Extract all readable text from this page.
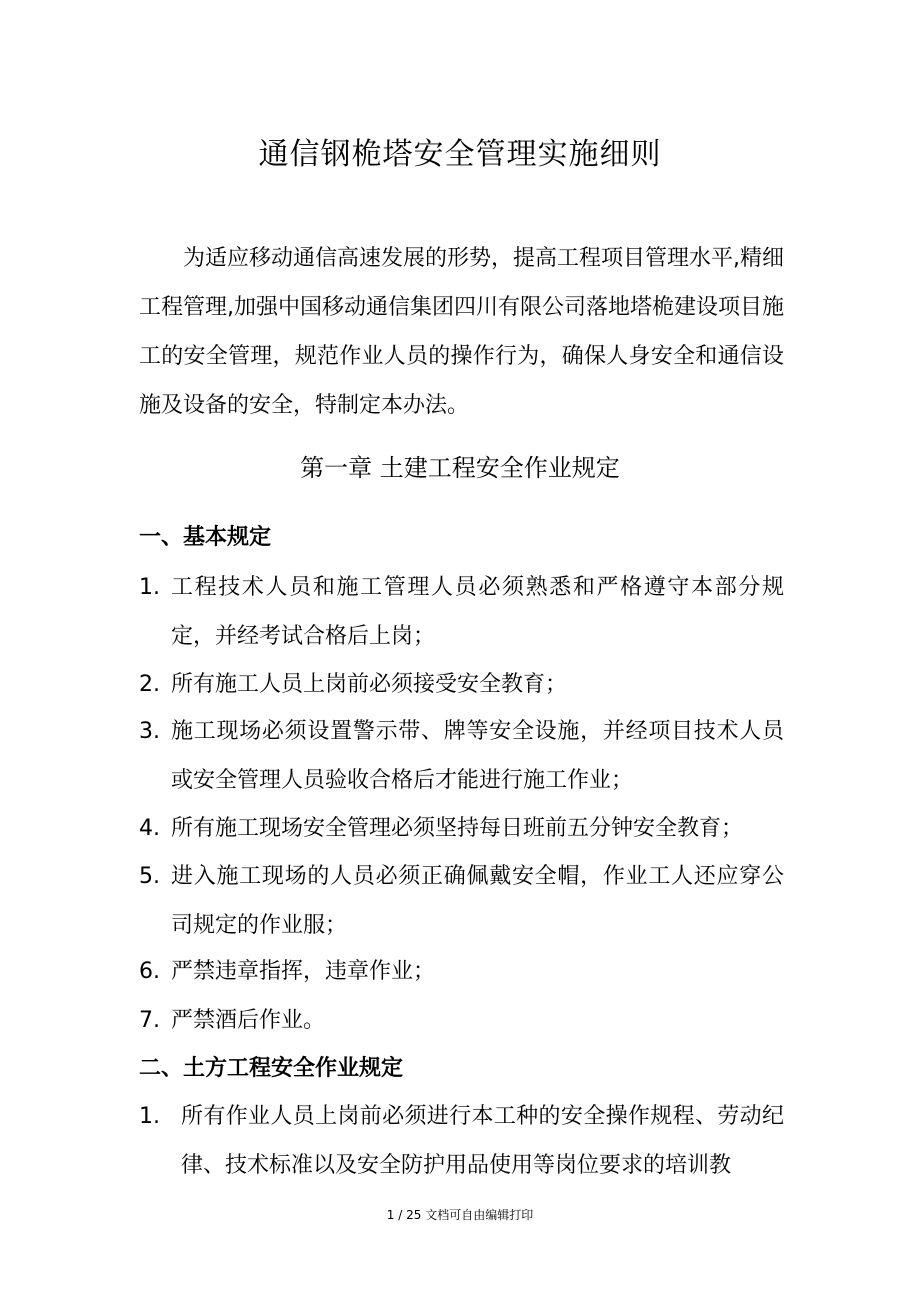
通信钢桅塔安全管理实施细则
为适应移动通信高速发展的形势，提高工程项目管理水平,精细工程管理,加强中国移动通信集团四川有限公司落地塔桅建设项目施工的安全管理，规范作业人员的操作行为，确保人身安全和通信设施及设备的安全，特制定本办法。
第一章 土建工程安全作业规定
一、基本规定
1. 工程技术人员和施工管理人员必须熟悉和严格遵守本部分规定，并经考试合格后上岗；
2. 所有施工人员上岗前必须接受安全教育；
3. 施工现场必须设置警示带、牌等安全设施，并经项目技术人员或安全管理人员验收合格后才能进行施工作业；
4. 所有施工现场安全管理必须坚持每日班前五分钟安全教育；
5. 进入施工现场的人员必须正确佩戴安全帽，作业工人还应穿公司规定的作业服；
6. 严禁违章指挥，违章作业；
7. 严禁酒后作业。
二、土方工程安全作业规定
1. 所有作业人员上岗前必须进行本工种的安全操作规程、劳动纪律、技术标准以及安全防护用品使用等岗位要求的培训教
1 / 25 文档可自由编辑打印
